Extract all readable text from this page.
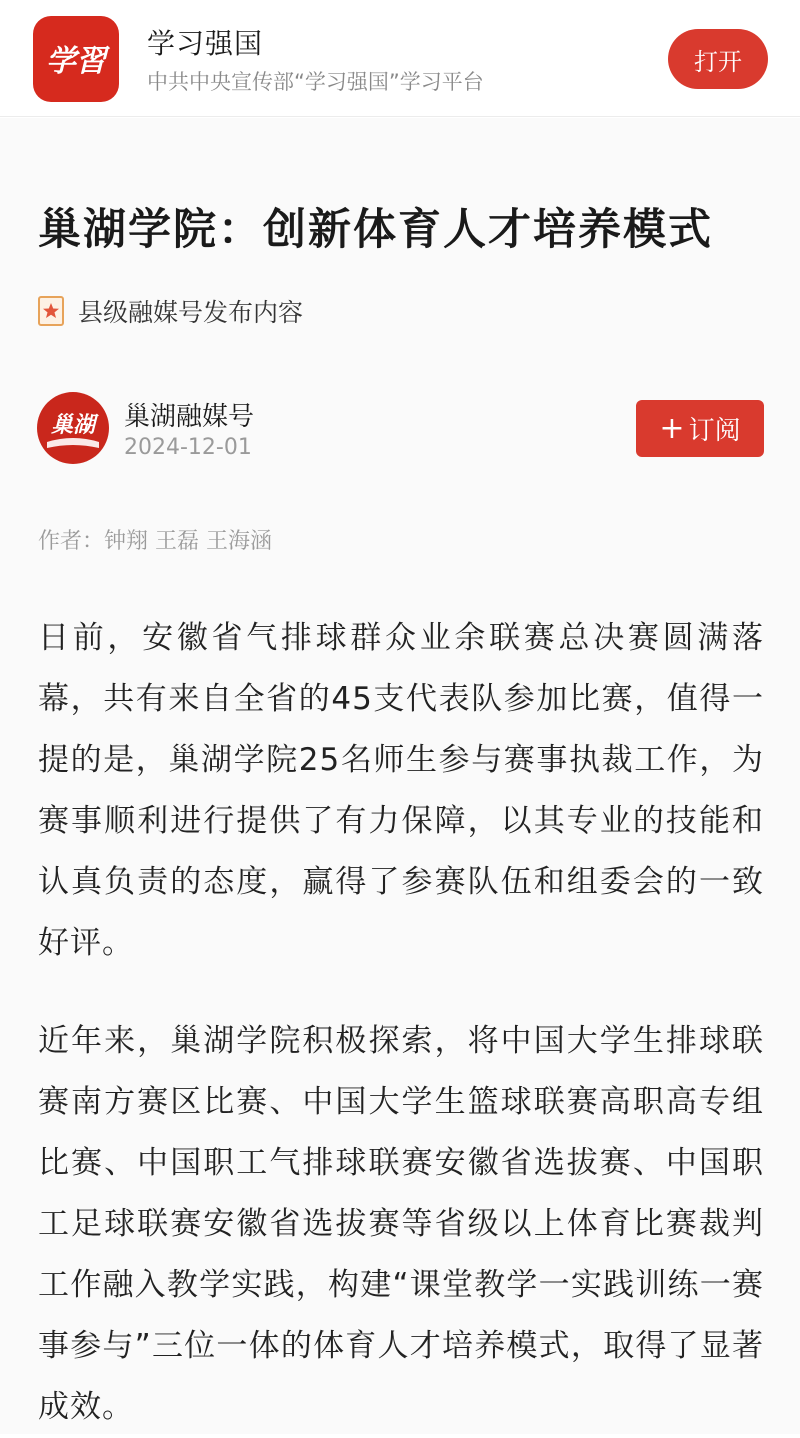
学習
学习强国
中共中央宣传部“学习强国”学习平台
打开
巢湖学院：创新体育人才培养模式
县级融媒号发布内容
巢湖 巢湖融媒号
2024-12-01
+ 订阅
作者：钟翔 王磊 王海涵

日前，安徽省气排球群众业余联赛总决赛圆满落幕，共有来自全省的45支代表队参加比赛，值得一提的是，巢湖学院25名师生参与赛事执裁工作，为赛事顺利进行提供了有力保障，以其专业的技能和认真负责的态度，赢得了参赛队伍和组委会的一致好评。

近年来，巢湖学院积极探索，将中国大学生排球联赛南方赛区比赛、中国大学生篮球联赛高职高专组比赛、中国职工气排球联赛安徽省选拔赛、中国职工足球联赛安徽省选拔赛等省级以上体育比赛裁判工作融入教学实践，构建“课堂教学一实践训练一赛事参与”三位一体的体育人才培养模式，取得了显著成效。
